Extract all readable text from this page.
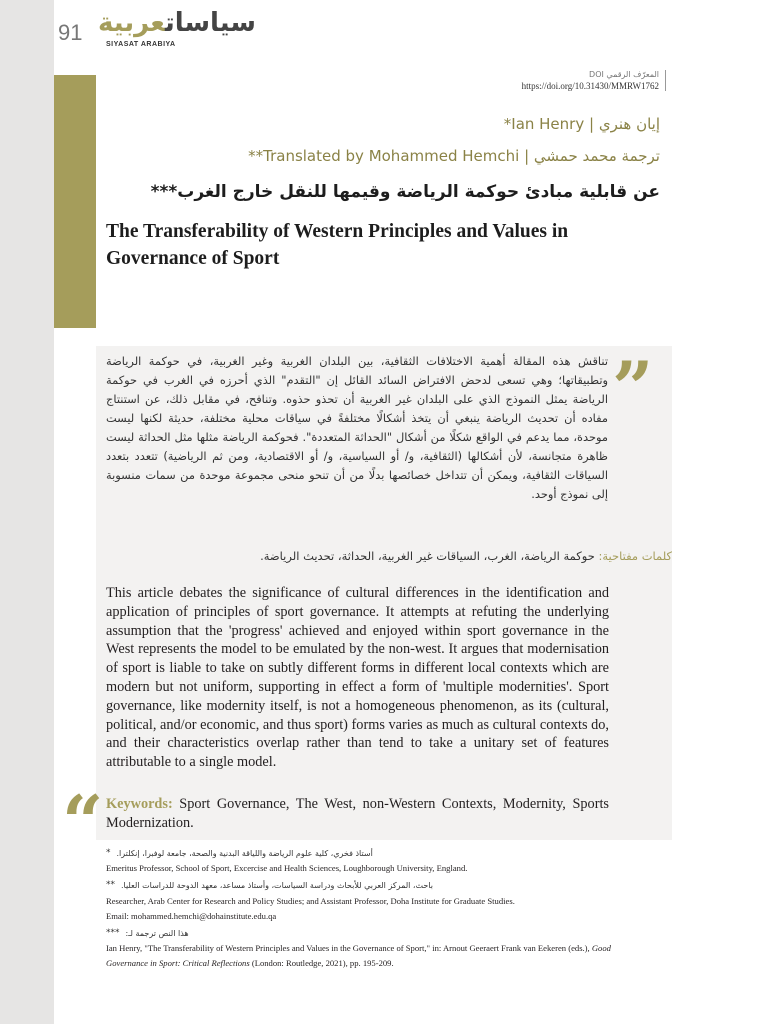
91	سياساتعربية
SIYASAT ARABIYA
المعرّف الرقمي DOI
https://doi.org/10.31430/MMRW1762
*Ian Henry | إيان هنري
**Translated by Mohammed Hemchi | ترجمة محمد حمشي
عن قابلية مبادئ حوكمة الرياضة وقيمها للنقل خارج الغرب***
The Transferability of Western Principles and Values in Governance of Sport
”
تناقش هذه المقالة أهمية الاختلافات الثقافية، بين البلدان الغربية وغير الغربية، في حوكمة الرياضة وتطبيقاتها؛ وهي تسعى لدحض الافتراض السائد القائل إن "التقدم" الذي أحرزه في الغرب في حوكمة الرياضة يمثل النموذج الذي على البلدان غير الغربية أن تحذو حذوه. وتنافح، في مقابل ذلك، عن استنتاج مفاده أن تحديث الرياضة ينبغي أن يتخذ أشكالًا مختلفةً في سياقات محلية مختلفة، حديثة لكنها ليست موحدة، مما يدعم في الواقع شكلًا من أشكال "الحداثة المتعددة". فحوكمة الرياضة مثلها مثل الحداثة ليست ظاهرة متجانسة، لأن أشكالها (الثقافية، و/ أو السياسية، و/ أو الاقتصادية، ومن ثم الرياضية) تتعدد بتعدد السياقات الثقافية، ويمكن أن تتداخل خصائصها بدلًا من أن تنحو منحى مجموعة موحدة من سمات منسوبة إلى نموذج أوحد.
كلمات مفتاحية: حوكمة الرياضة، الغرب، السياقات غير الغربية، الحداثة، تحديث الرياضة.
This article debates the significance of cultural differences in the identification and application of principles of sport governance. It attempts at refuting the underlying assumption that the 'progress' achieved and enjoyed within sport governance in the West represents the model to be emulated by the non-west. It argues that modernisation of sport is liable to take on subtly different forms in different local contexts which are modern but not uniform, supporting in effect a form of 'multiple modernities'. Sport governance, like modernity itself, is not a homogeneous phenomenon, as its (cultural, political, and/or economic, and thus sport) forms varies as much as cultural contexts do, and their characteristics overlap rather than tend to take a unitary set of features attributable to a single model.
“ Keywords: Sport Governance, The West, non-Western Contexts, Modernity, Sports Modernization.
أستاذ فخري، كلية علوم الرياضة واللياقة البدنية والصحة، جامعة لوفبرا، إنكلترا.
*
Emeritus Professor, School of Sport, Excercise and Health Sciences, Loughborough University, England.
باحث، المركز العربي للأبحاث ودراسة السياسات، وأستاذ مساعد، معهد الدوحة للدراسات العليا.
**
Researcher, Arab Center for Research and Policy Studies; and Assistant Professor, Doha Institute for Graduate Studies.
Email: mohammed.hemchi@dohainstitute.edu.qa
هذا النص ترجمة لـ:
***
Ian Henry, "The Transferability of Western Principles and Values in the Governance of Sport," in: Arnout Geeraert Frank van Eekeren (eds.), Good Governance in Sport: Critical Reflections (London: Routledge, 2021), pp. 195-209.
